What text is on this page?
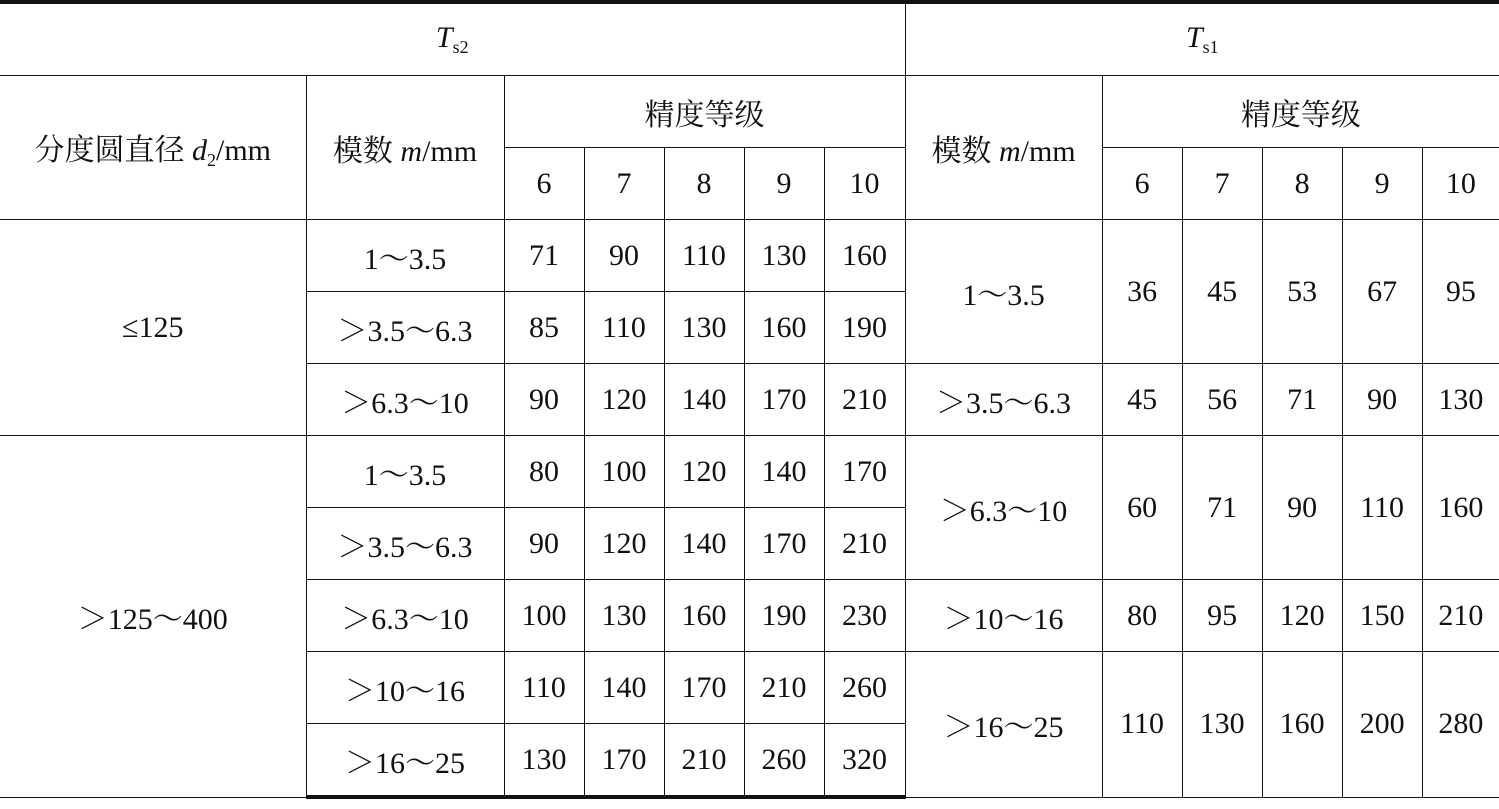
$T_{s2}$							$T_{s1}$
分度圆直径 $d_2/mm$	模数 m/mm	精度等级					模数 m/mm	精度等级				
		6	7	8	9	10		6	7	8	9	10
≤125	1～3.5	71	90	110	130	160	1～3.5	36	45	53	67	95
	＞3.5～6.3	85	110	130	160	190						
	＞6.3～10	90	120	140	170	210	＞3.5～6.3	45	56	71	90	130
＞125～400	1～3.5	80	100	120	140	170	＞6.3～10	60	71	90	110	160
	＞3.5～6.3	90	120	140	170	210						
	＞6.3～10	100	130	160	190	230	＞10～16	80	95	120	150	210
	＞10～16	110	140	170	210	260	＞16～25	110	130	160	200	280
	＞16～25	130	170	210	260	320						
